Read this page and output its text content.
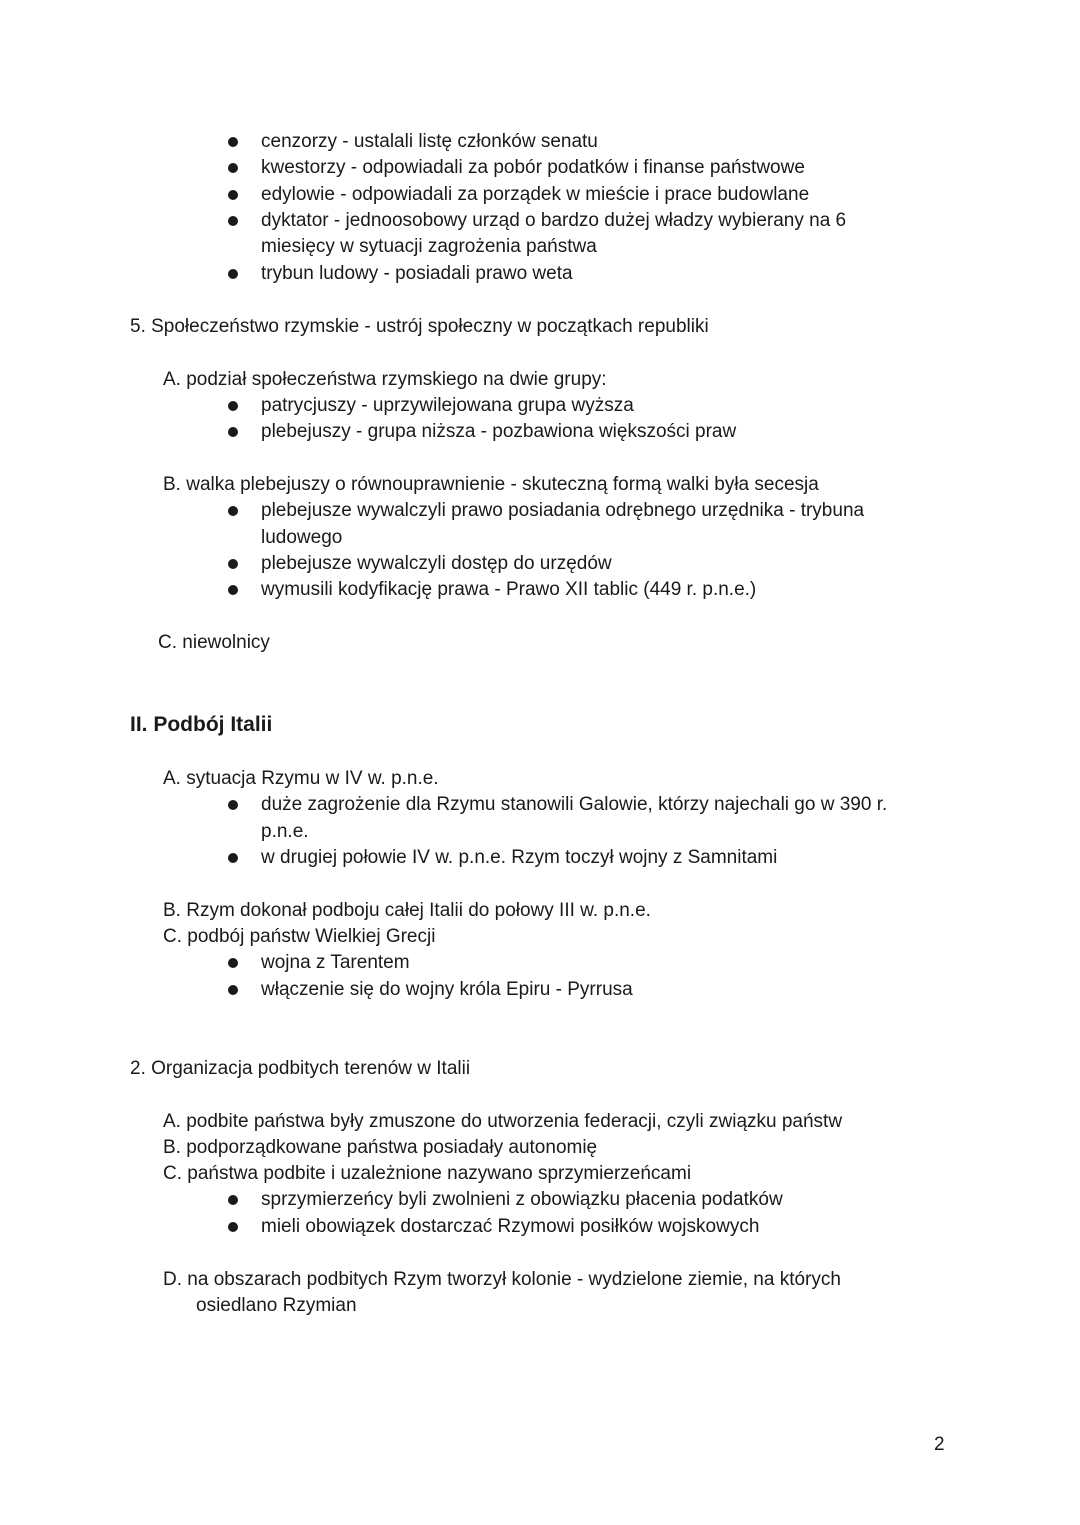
cenzorzy - ustalali listę członków senatu
kwestorzy - odpowiadali za pobór podatków i finanse państwowe
edylowie - odpowiadali za porządek w mieście i prace budowlane
dyktator - jednoosobowy urząd o bardzo dużej władzy wybierany na 6
miesięcy w sytuacji zagrożenia państwa
trybun ludowy - posiadali prawo weta
5. Społeczeństwo rzymskie - ustrój społeczny w początkach republiki
A. podział społeczeństwa rzymskiego na dwie grupy:
patrycjuszy - uprzywilejowana grupa wyższa
plebejuszy - grupa niższa - pozbawiona większości praw
B. walka plebejuszy o równouprawnienie - skuteczną formą walki była secesja
plebejusze wywalczyli prawo posiadania odrębnego urzędnika - trybuna
ludowego
plebejusze wywalczyli dostęp do urzędów
wymusili kodyfikację prawa - Prawo XII tablic (449 r. p.n.e.)
C. niewolnicy
II. Podbój Italii
A. sytuacja Rzymu w IV w. p.n.e.
duże zagrożenie dla Rzymu stanowili Galowie, którzy najechali go w 390 r.
p.n.e.
w drugiej połowie IV w. p.n.e. Rzym toczył wojny z Samnitami
B. Rzym dokonał podboju całej Italii do połowy III w. p.n.e.
C. podbój państw Wielkiej Grecji
wojna z Tarentem
włączenie się do wojny króla Epiru - Pyrrusa
2. Organizacja podbitych terenów w Italii
A. podbite państwa były zmuszone do utworzenia federacji, czyli związku państw
B. podporządkowane państwa posiadały autonomię
C. państwa podbite i uzależnione nazywano sprzymierzeńcami
sprzymierzeńcy byli zwolnieni z obowiązku płacenia podatków
mieli obowiązek dostarczać Rzymowi posiłków wojskowych
D. na obszarach podbitych Rzym tworzył kolonie - wydzielone ziemie, na których
osiedlano Rzymian
2
